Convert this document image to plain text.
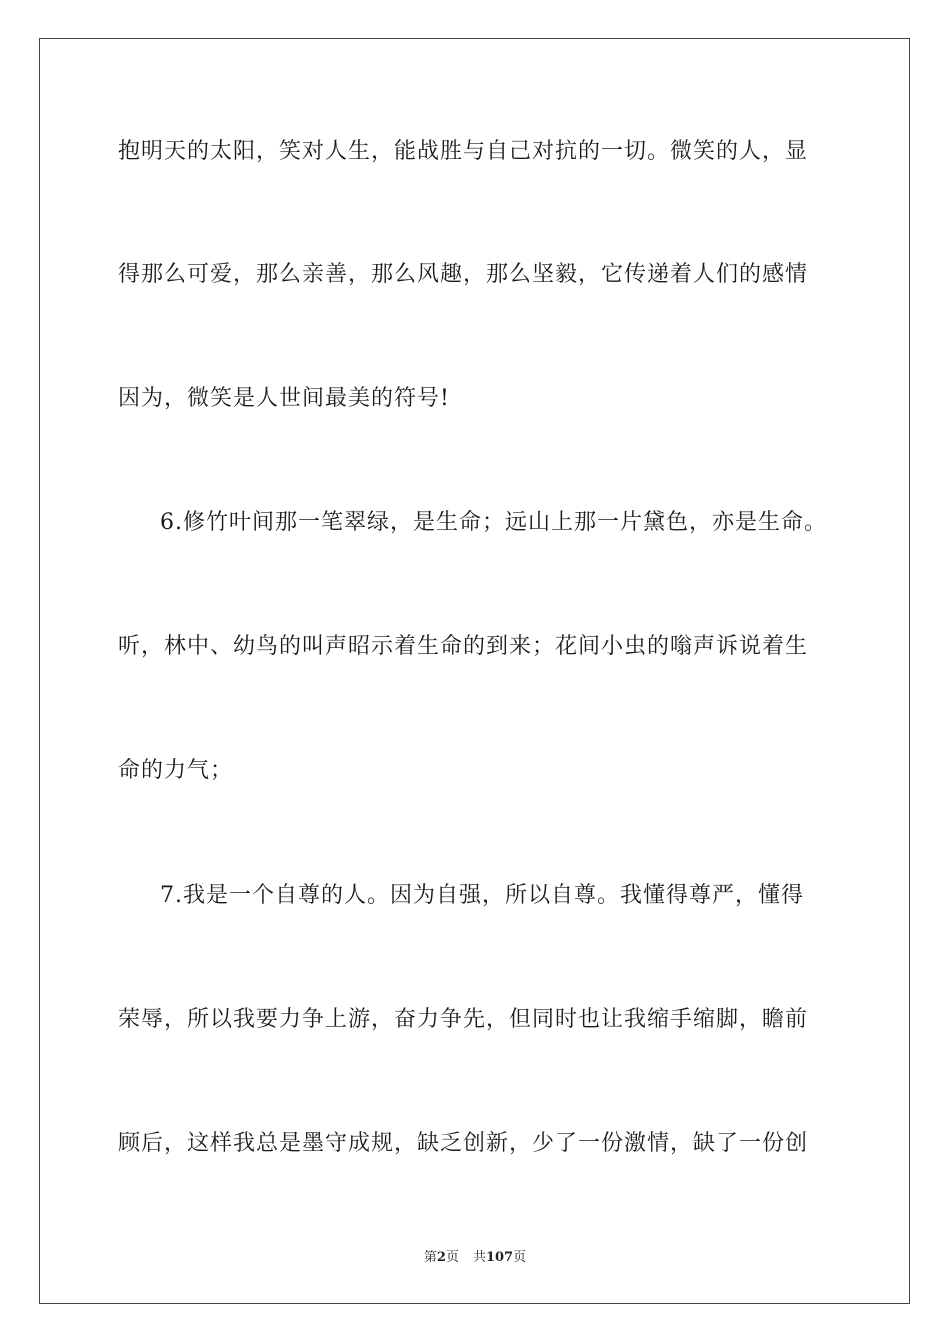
抱明天的太阳，笑对人生，能战胜与自己对抗的一切。微笑的人，显
得那么可爱，那么亲善，那么风趣，那么坚毅，它传递着人们的感情
因为，微笑是人世间最美的符号!
6.修竹叶间那一笔翠绿，是生命；远山上那一片黛色，亦是生命。
听，林中、幼鸟的叫声昭示着生命的到来；花间小虫的嗡声诉说着生
命的力气；
7.我是一个自尊的人。因为自强，所以自尊。我懂得尊严，懂得
荣辱，所以我要力争上游，奋力争先，但同时也让我缩手缩脚，瞻前
顾后，这样我总是墨守成规，缺乏创新，少了一份激情，缺了一份创
第2页 共107页
